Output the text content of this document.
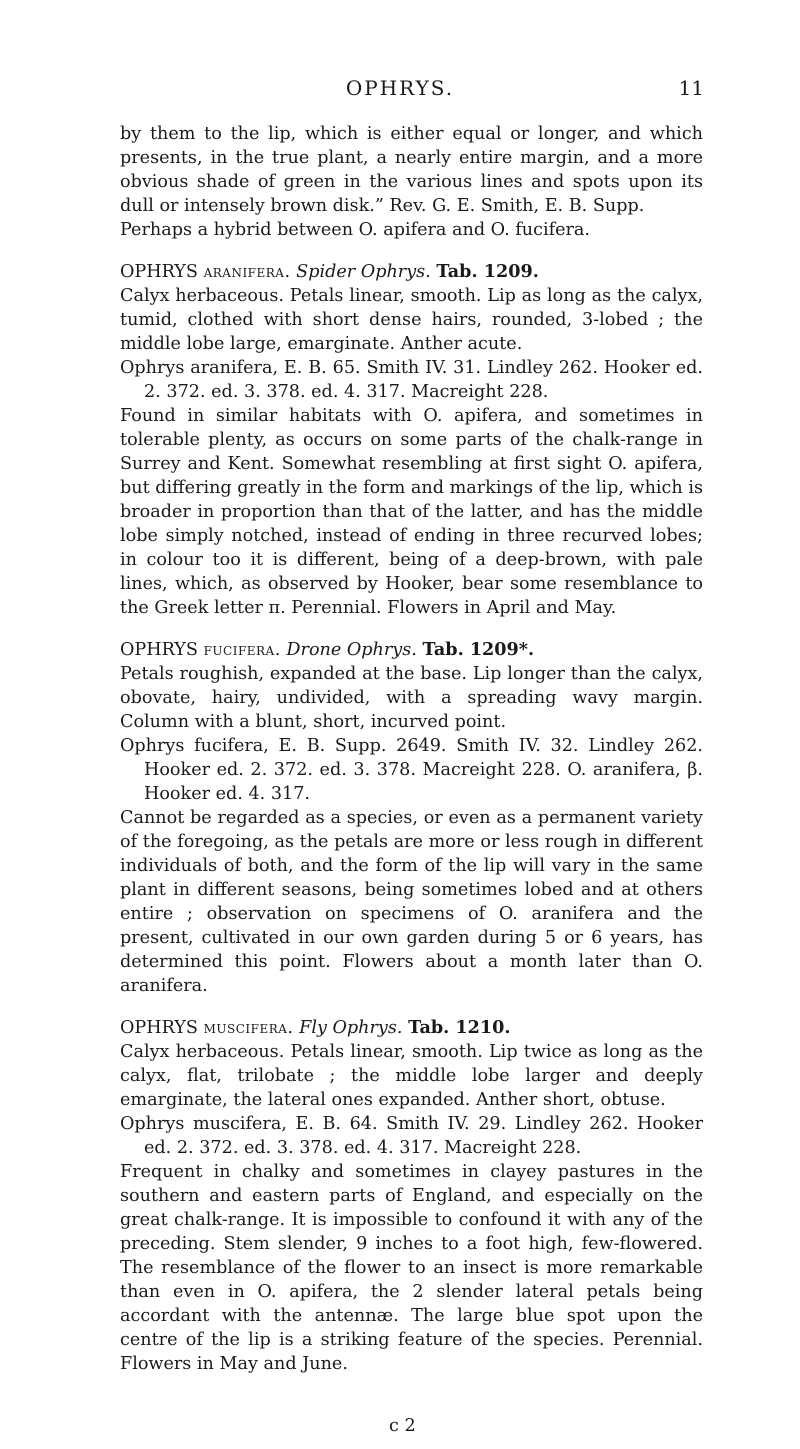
OPHRYS.	11

by them to the lip, which is either equal or longer, and which presents, in the true plant, a nearly entire margin, and a more obvious shade of green in the various lines and spots upon its dull or intensely brown disk.” Rev. G. E. Smith, E. B. Supp.

Perhaps a hybrid between O. apifera and O. fucifera.

OPHRYS aranifera. Spider Ophrys. Tab. 1209.

Calyx herbaceous. Petals linear, smooth. Lip as long as the calyx, tumid, clothed with short dense hairs, rounded, 3-lobed ; the middle lobe large, emarginate. Anther acute.

Ophrys aranifera, E. B. 65. Smith IV. 31. Lindley 262. Hooker ed. 2. 372. ed. 3. 378. ed. 4. 317. Macreight 228.

Found in similar habitats with O. apifera, and sometimes in tolerable plenty, as occurs on some parts of the chalk-range in Surrey and Kent. Somewhat resembling at first sight O. apifera, but differing greatly in the form and markings of the lip, which is broader in proportion than that of the latter, and has the middle lobe simply notched, instead of ending in three recurved lobes; in colour too it is different, being of a deep-brown, with pale lines, which, as observed by Hooker, bear some resemblance to the Greek letter π. Perennial. Flowers in April and May.

OPHRYS fucifera. Drone Ophrys. Tab. 1209*.

Petals roughish, expanded at the base. Lip longer than the calyx, obovate, hairy, undivided, with a spreading wavy margin. Column with a blunt, short, incurved point.

Ophrys fucifera, E. B. Supp. 2649. Smith IV. 32. Lindley 262. Hooker ed. 2. 372. ed. 3. 378. Macreight 228. O. aranifera, β. Hooker ed. 4. 317.

Cannot be regarded as a species, or even as a permanent variety of the foregoing, as the petals are more or less rough in different individuals of both, and the form of the lip will vary in the same plant in different seasons, being sometimes lobed and at others entire ; observation on specimens of O. aranifera and the present, cultivated in our own garden during 5 or 6 years, has determined this point. Flowers about a month later than O. aranifera.

OPHRYS muscifera. Fly Ophrys. Tab. 1210.

Calyx herbaceous. Petals linear, smooth. Lip twice as long as the calyx, flat, trilobate ; the middle lobe larger and deeply emarginate, the lateral ones expanded. Anther short, obtuse.

Ophrys muscifera, E. B. 64. Smith IV. 29. Lindley 262. Hooker ed. 2. 372. ed. 3. 378. ed. 4. 317. Macreight 228.

Frequent in chalky and sometimes in clayey pastures in the southern and eastern parts of England, and especially on the great chalk-range. It is impossible to confound it with any of the preceding. Stem slender, 9 inches to a foot high, few-flowered. The resemblance of the flower to an insect is more remarkable than even in O. apifera, the 2 slender lateral petals being accordant with the antennæ. The large blue spot upon the centre of the lip is a striking feature of the species. Perennial. Flowers in May and June.

c 2
